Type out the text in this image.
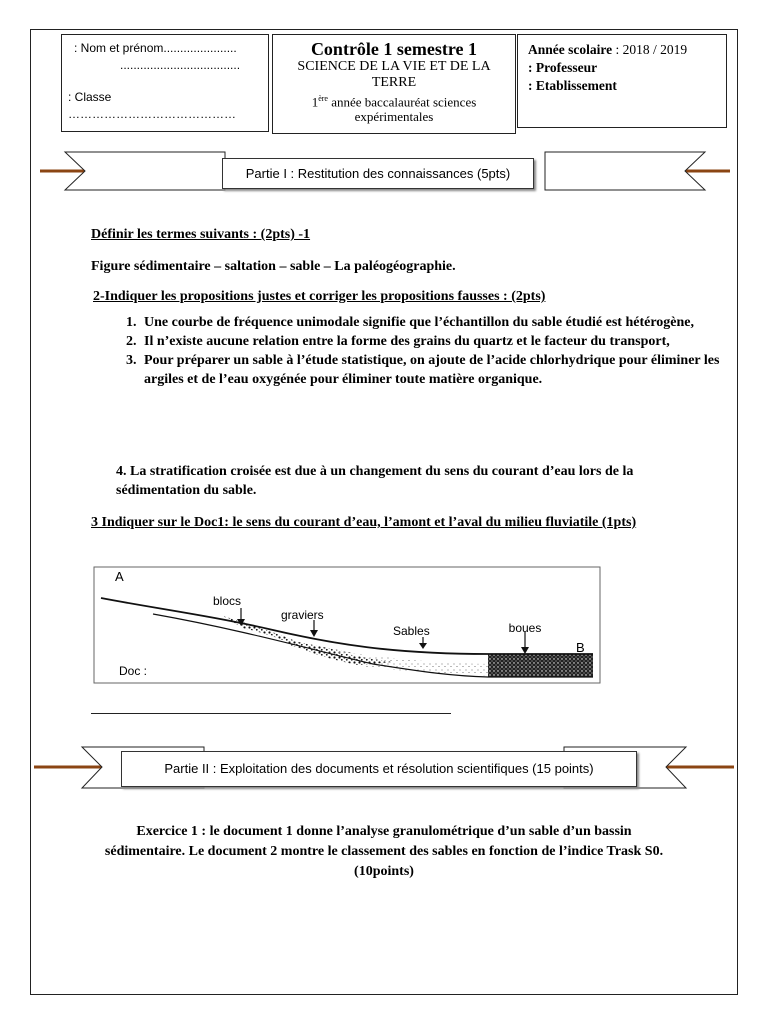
: Nom et prénom......................
....................................
: Classe
……………………………………
Contrôle 1 semestre 1
SCIENCE DE LA VIE ET DE LA TERRE
1ère année baccalauréat sciences expérimentales
Année scolaire : 2018 / 2019
: Professeur
: Etablissement
Partie I : Restitution des connaissances (5pts)
Définir les termes suivants : (2pts) -1
Figure sédimentaire – saltation – sable – La paléogéographie.
2-Indiquer les propositions justes et corriger les propositions fausses : (2pts)
1. Une courbe de fréquence unimodale signifie que l’échantillon du sable étudié est hétérogène,
2. Il n’existe aucune relation entre la forme des grains du quartz et le facteur du transport,
3. Pour préparer un sable à l’étude statistique, on ajoute de l’acide chlorhydrique pour éliminer les argiles et de l’eau oxygénée pour éliminer toute matière organique.
4. La stratification croisée est due à un changement du sens du courant d’eau lors de la sédimentation du sable.
3 Indiquer sur le Doc1: le sens du courant d’eau, l’amont et l’aval du milieu fluviatile (1pts)
A
B
blocs
graviers
Sables	boues
Doc :
Partie II : Exploitation des documents et résolution scientifiques (15 points)
Exercice 1 : le document 1 donne l’analyse granulométrique d’un sable d’un bassin sédimentaire. Le document 2 montre le classement des sables en fonction de l’indice Trask S0. (10points)
